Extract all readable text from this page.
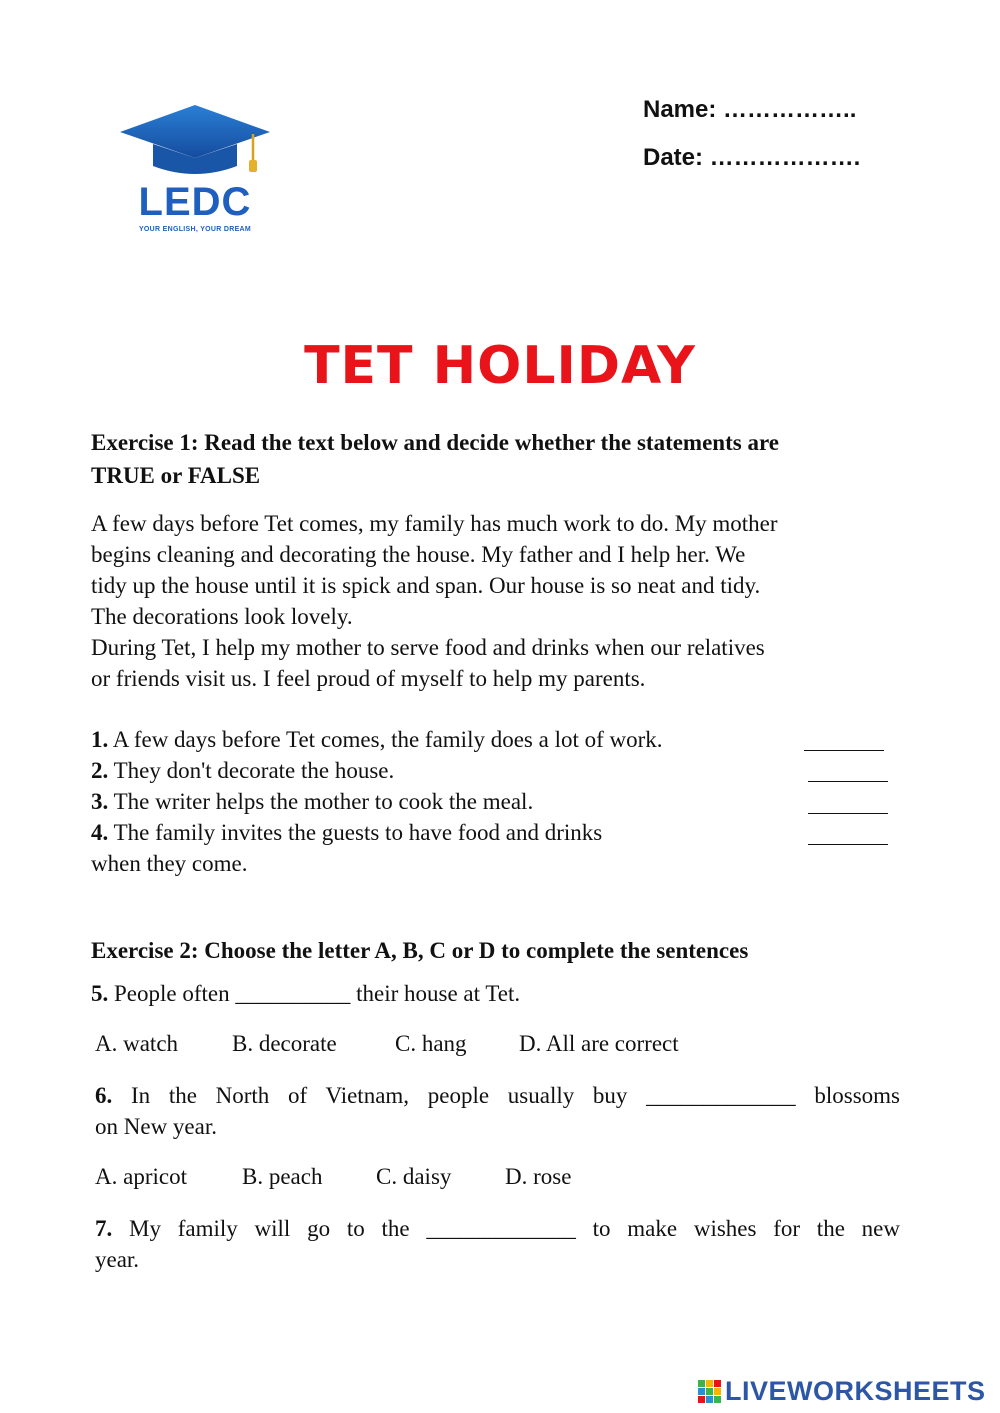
LEDC
YOUR ENGLISH, YOUR DREAM
Name: ……………..
Date: ……………….
TET HOLIDAY
Exercise 1: Read the text below and decide whether the statements are
TRUE or FALSE
A few days before Tet comes, my family has much work to do. My mother
begins cleaning and decorating the house. My father and I help her. We
tidy up the house until it is spick and span. Our house is so neat and tidy.
The decorations look lovely.
During Tet, I help my mother to serve food and drinks when our relatives
or friends visit us. I feel proud of myself to help my parents.
1. A few days before Tet comes, the family does a lot of work.
2. They don't decorate the house.
3. The writer helps the mother to cook the meal.
4. The family invites the guests to have food and drinks
when they come.
Exercise 2: Choose the letter A, B, C or D to complete the sentences
5. People often __________ their house at Tet.
A. watch B. decorate	C. hang D. All are correct
6. In the North of Vietnam, people usually buy _____________ blossoms
on New year.
A. apricot B. peach C. daisy D. rose
7. My family will go to the _____________ to make wishes for the new
year.
LIVEWORKSHEETS
